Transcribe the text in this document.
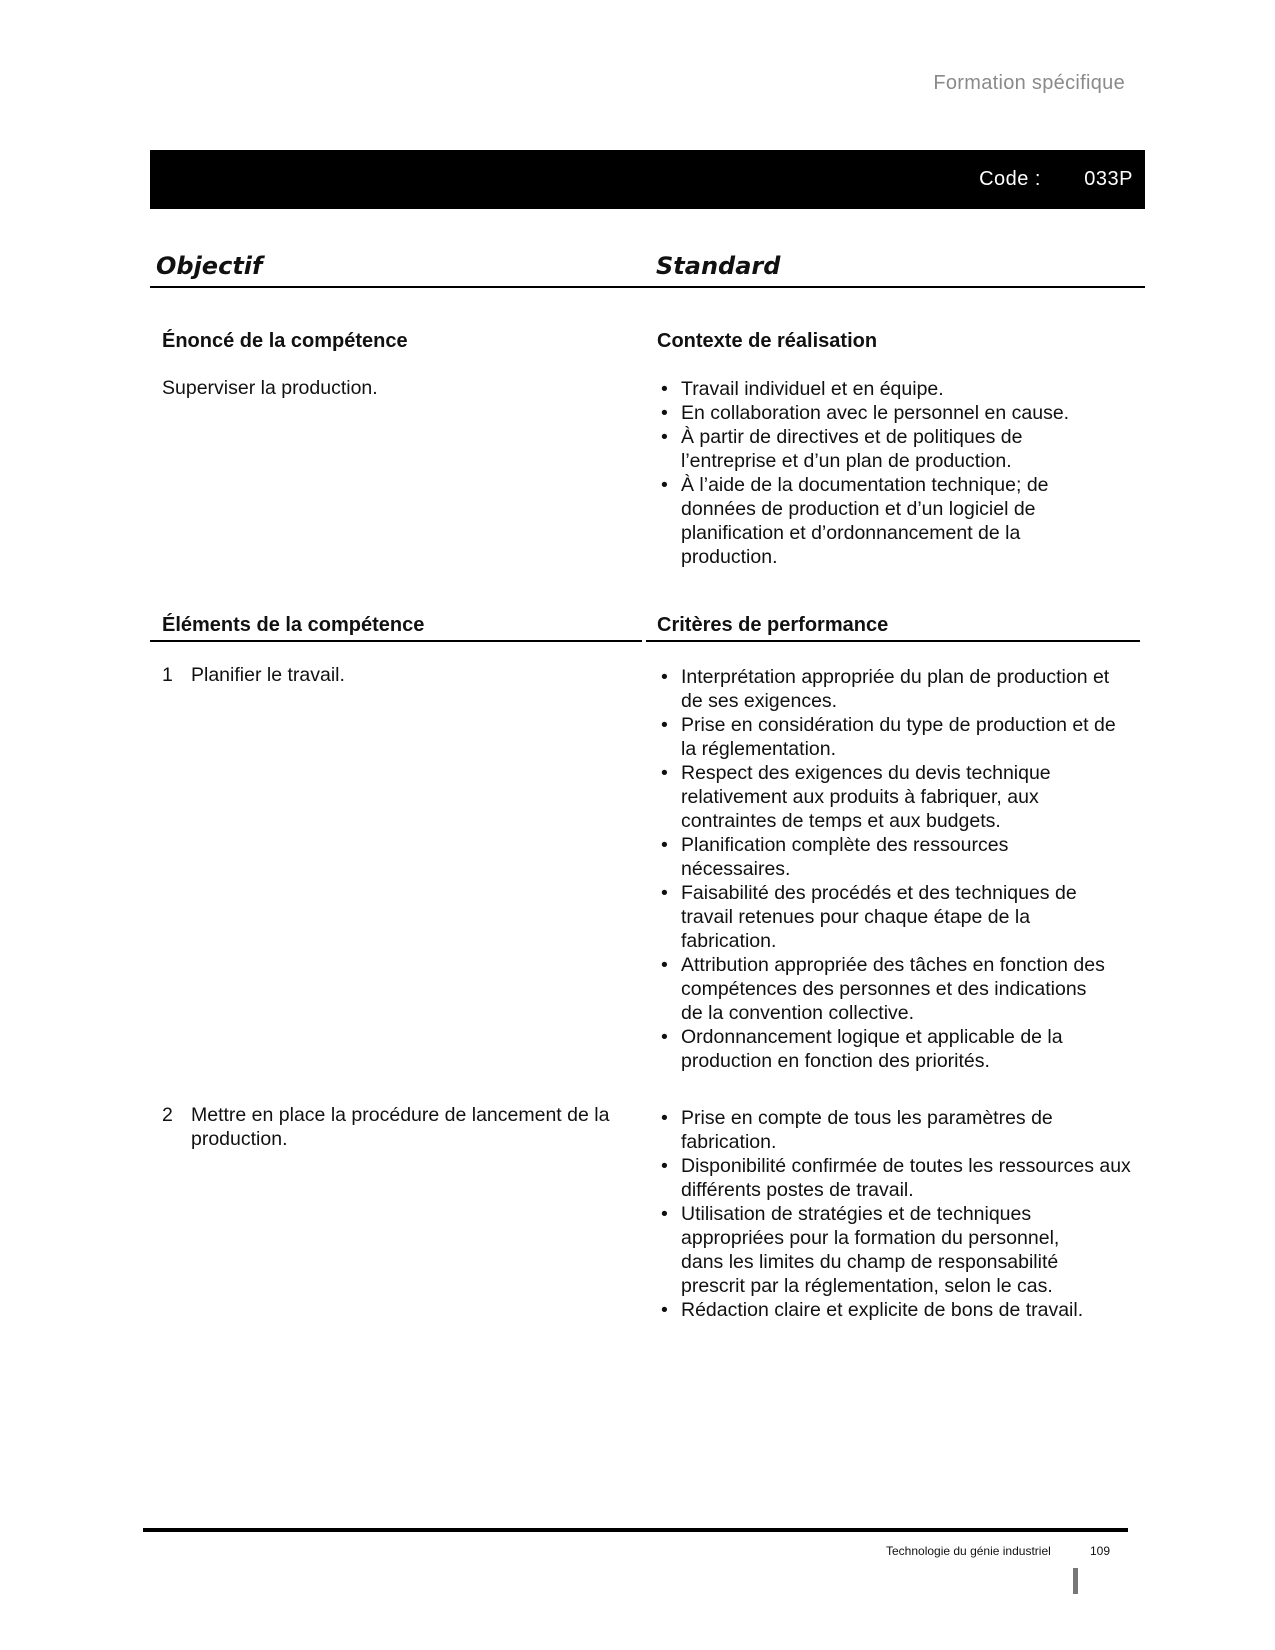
Formation spécifique
Code : 033P
Objectif	Standard
Énoncé de la compétence
Superviser la production.
Contexte de réalisation
• Travail individuel et en équipe.
• En collaboration avec le personnel en cause.
• À partir de directives et de politiques de l’entreprise et d’un plan de production.
• À l’aide de la documentation technique; de données de production et d’un logiciel de planification et d’ordonnancement de la production.
Éléments de la compétence	Critères de performance
1 Planifier le travail.
•	Interprétation appropriée du plan de production et de ses exigences.
• Prise en considération du type de production et de la réglementation.
• Respect des exigences du devis technique relativement aux produits à fabriquer, aux contraintes de temps et aux budgets.
• Planification complète des ressources nécessaires.
• Faisabilité des procédés et des techniques de travail retenues pour chaque étape de la fabrication.
• Attribution appropriée des tâches en fonction des compétences des personnes et des indications de la convention collective.
• Ordonnancement logique et applicable de la production en fonction des priorités.
2 Mettre en place la procédure de lancement de la production.
• Prise en compte de tous les paramètres de fabrication.
• Disponibilité confirmée de toutes les ressources aux différents postes de travail.
• Utilisation de stratégies et de techniques appropriées pour la formation du personnel, dans les limites du champ de responsabilité prescrit par la réglementation, selon le cas.
• Rédaction claire et explicite de bons de travail.
Technologie du génie industriel	109
